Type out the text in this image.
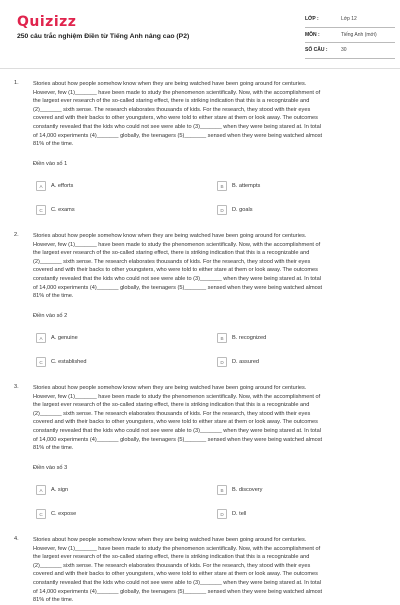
Quizizz
250 câu trắc nghiệm Điền từ Tiếng Anh nâng cao (P2)
LỚP :	Lớp 12
MÔN :	Tiếng Anh (mới)
SỐ CÂU :	30
1.	Stories about how people somehow know when they are being watched have been going around for centuries.

However, few (1)_______ have been made to study the phenomenon scientifically. Now, with the accomplishment of

the largest ever research of the so-called staring effect, there is striking indication that this is a recognizable and

(2)_______ sixth sense. The research elaborates thousands of kids. For the research, they stood with their eyes

covered and with their backs to other youngsters, who were told to either stare at them or look away. The outcomes

constantly revealed that the kids who could not see were able to (3)_______ when they were being stared at. In total

of 14,000 experiments (4)_______ globally, the teenagers (5)_______ sensed when they were being watched almost

81% of the time.

Điền vào số 1
A	A. efforts	B	B. attempts
C	C. exams	D	D. goals
2.	Stories about how people somehow know when they are being watched have been going around for centuries.

However, few (1)_______ have been made to study the phenomenon scientifically. Now, with the accomplishment of

the largest ever research of the so-called staring effect, there is striking indication that this is a recognizable and

(2)_______ sixth sense. The research elaborates thousands of kids. For the research, they stood with their eyes

covered and with their backs to other youngsters, who were told to either stare at them or look away. The outcomes

constantly revealed that the kids who could not see were able to (3)_______ when they were being stared at. In total

of 14,000 experiments (4)_______ globally, the teenagers (5)_______ sensed when they were being watched almost

81% of the time.

Điền vào số 2
A	A. genuine	B	B. recognized
C	C. established	D	D. assured
3.	Stories about how people somehow know when they are being watched have been going around for centuries.

However, few (1)_______ have been made to study the phenomenon scientifically. Now, with the accomplishment of

the largest ever research of the so-called staring effect, there is striking indication that this is a recognizable and

(2)_______ sixth sense. The research elaborates thousands of kids. For the research, they stood with their eyes

covered and with their backs to other youngsters, who were told to either stare at them or look away. The outcomes

constantly revealed that the kids who could not see were able to (3)_______ when they were being stared at. In total

of 14,000 experiments (4)_______ globally, the teenagers (5)_______ sensed when they were being watched almost

81% of the time.

Điền vào số 3
A	A. sign	B	B. discovery
C	C. expose	D	D. tell
4.	Stories about how people somehow know when they are being watched have been going around for centuries.

However, few (1)_______ have been made to study the phenomenon scientifically. Now, with the accomplishment of

the largest ever research of the so-called staring effect, there is striking indication that this is a recognizable and

(2)_______ sixth sense. The research elaborates thousands of kids. For the research, they stood with their eyes

covered and with their backs to other youngsters, who were told to either stare at them or look away. The outcomes

constantly revealed that the kids who could not see were able to (3)_______ when they were being stared at. In total

of 14,000 experiments (4)_______ globally, the teenagers (5)_______ sensed when they were being watched almost

81% of the time.
